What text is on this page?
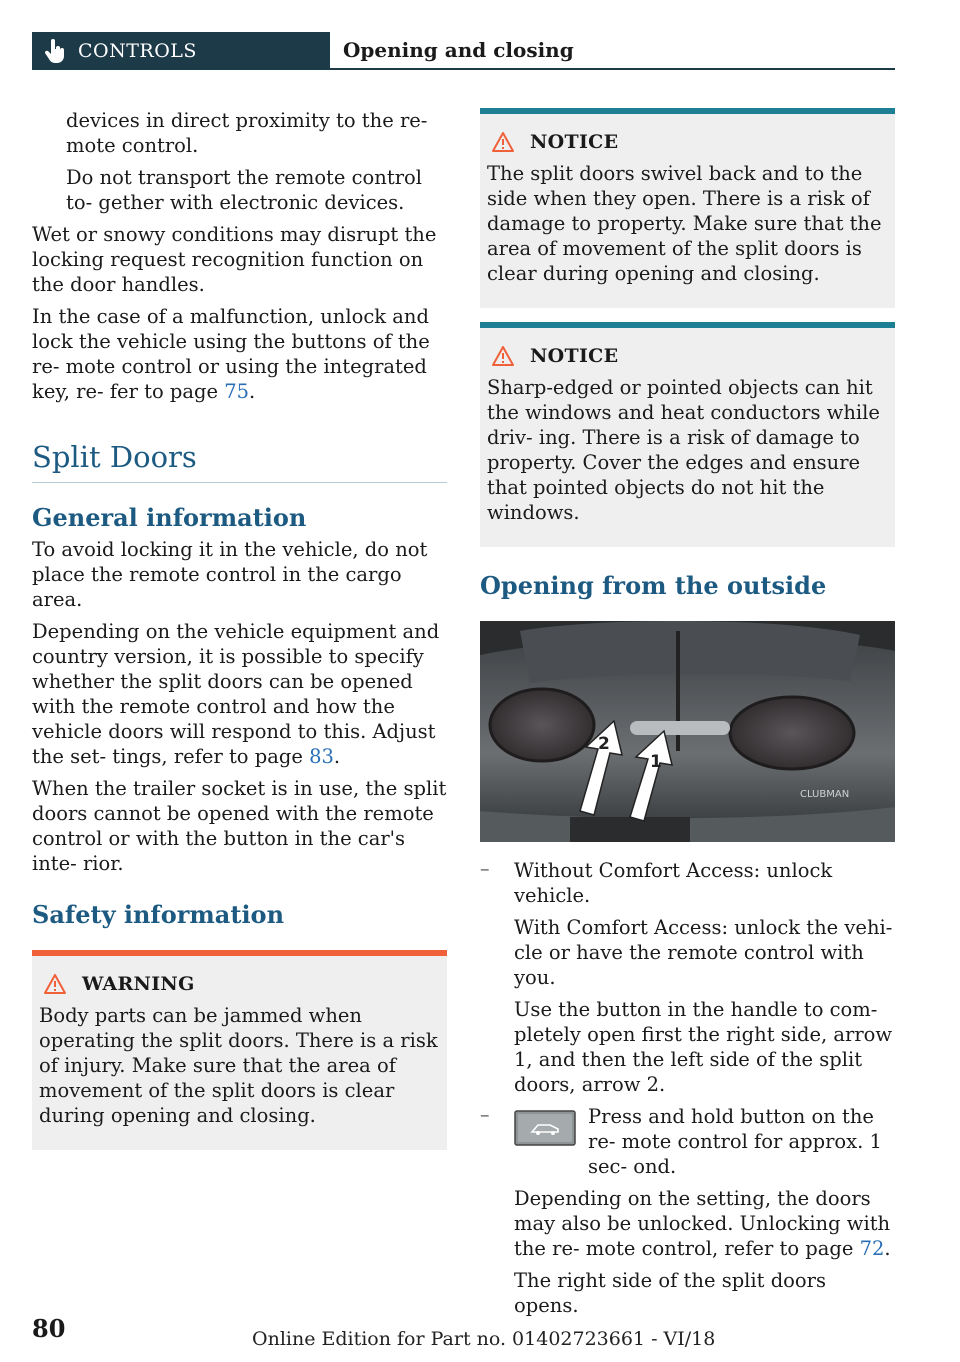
CONTROLS	Opening and closing

devices in direct proximity to the re‐ mote control.

Do not transport the remote control to‐ gether with electronic devices.

Wet or snowy conditions may disrupt the locking request recognition function on the door handles.

In the case of a malfunction, unlock and lock the vehicle using the buttons of the re‐ mote control or using the integrated key, re‐ fer to page 75.

Split Doors
General information

To avoid locking it in the vehicle, do not place the remote control in the cargo area.

Depending on the vehicle equipment and country version, it is possible to specify whether the split doors can be opened with the remote control and how the vehicle doors will respond to this. Adjust the set‐ tings, refer to page 83.

When the trailer socket is in use, the split doors cannot be opened with the remote control or with the button in the car's inte‐ rior.

Safety information
WARNING

Body parts can be jammed when operating the split doors. There is a risk of injury. Make sure that the area of movement of the split doors is clear during opening and closing.

NOTICE

The split doors swivel back and to the side when they open. There is a risk of damage to property. Make sure that the area of movement of the split doors is clear during opening and closing.

NOTICE

Sharp-edged or pointed objects can hit the windows and heat conductors while driv‐ ing. There is a risk of damage to property. Cover the edges and ensure that pointed objects do not hit the windows.

Opening from the outside
CLUBMAN
2
1
– Without Comfort Access: unlock vehicle.

With Comfort Access: unlock the vehi‐ cle or have the remote control with you.

Use the button in the handle to com‐ pletely open first the right side, arrow 1, and then the left side of the split doors, arrow 2.

–	Press and hold button on the re‐ mote control for approx. 1 sec‐ ond.

Depending on the setting, the doors may also be unlocked. Unlocking with the re‐ mote control, refer to page 72.

The right side of the split doors opens.

80	Online Edition for Part no. 01402723661 - VI/18
